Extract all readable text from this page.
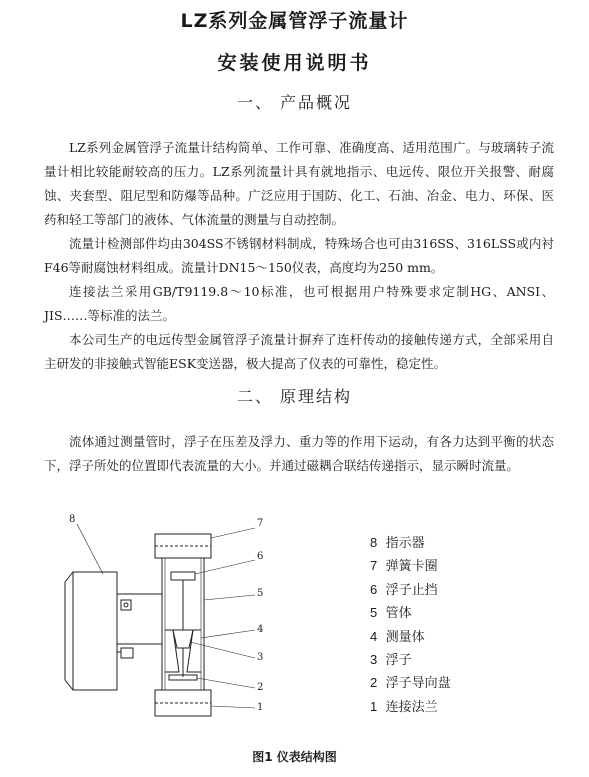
LZ系列金属管浮子流量计
安装使用说明书
一、 产品概况

LZ系列金属管浮子流量计结构简单、工作可靠、准确度高、适用范围广。与玻璃转子流量计相比较能耐较高的压力。LZ系列流量计具有就地指示、电远传、限位开关报警、耐腐蚀、夹套型、阻尼型和防爆等品种。广泛应用于国防、化工、石油、冶金、电力、环保、医药和轻工等部门的液体、气体流量的测量与自动控制。

流量计检测部件均由304SS不锈钢材料制成，特殊场合也可由316SS、316LSS或内衬F46等耐腐蚀材料组成。流量计DN15～150仪表，高度均为250 mm。

连接法兰采用GB/T9119.8～10标准，也可根据用户特殊要求定制HG、ANSI、JIS……等标准的法兰。

本公司生产的电远传型金属管浮子流量计摒弃了连杆传动的接触传递方式，全部采用自主研发的非接触式智能ESK变送器，极大提高了仪表的可靠性，稳定性。

二、 原理结构

流体通过测量管时，浮子在压差及浮力、重力等的作用下运动，有各力达到平衡的状态下，浮子所处的位置即代表流量的大小。并通过磁耦合联结传递指示，显示瞬时流量。

8	7
6
5
4
3
2
1
8 指示器
7 弹簧卡圈
6 浮子止挡
5 管体
4 测量体
3 浮子
2 浮子导向盘
1 连接法兰
图1 仪表结构图
